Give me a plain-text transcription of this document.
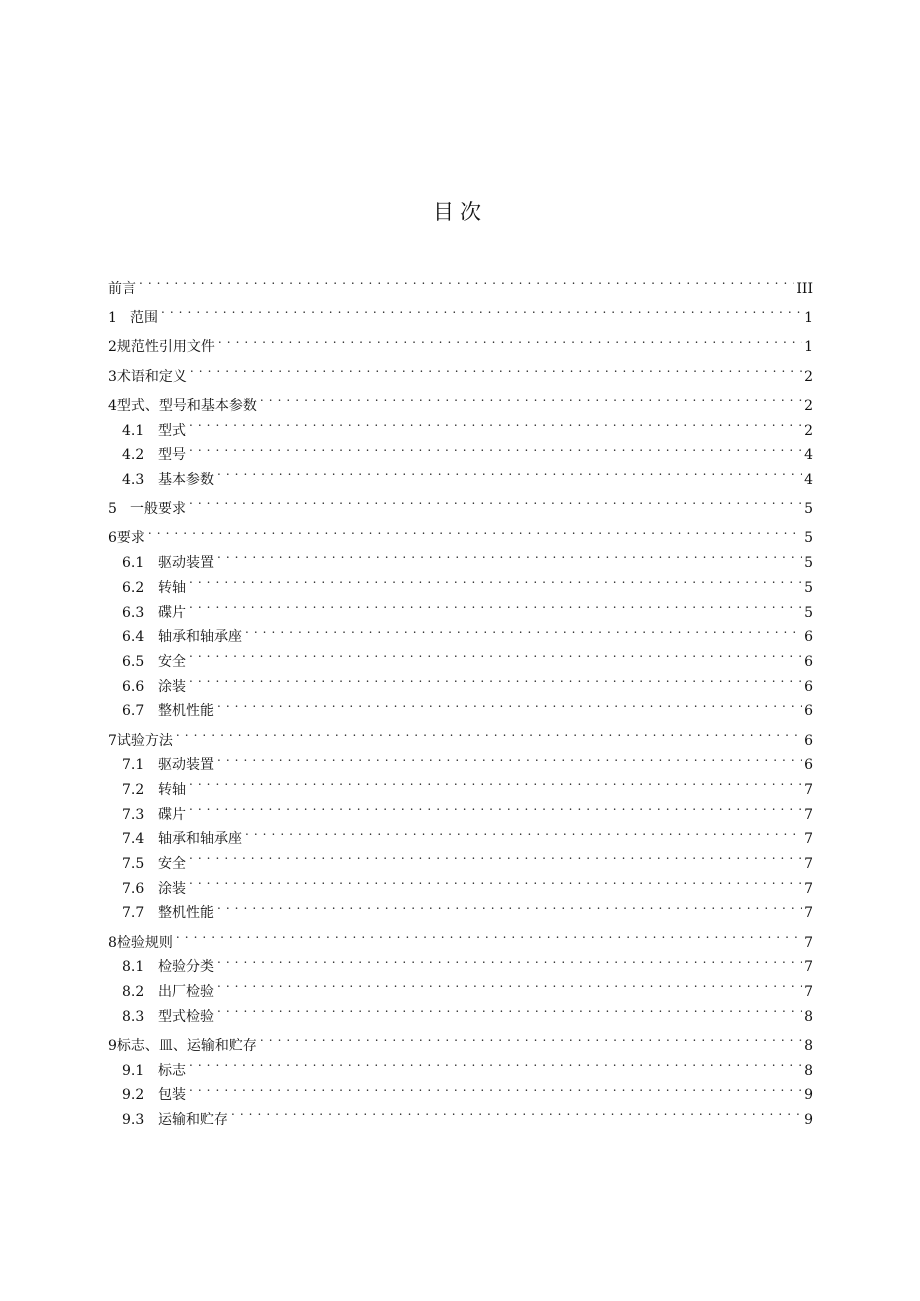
目次
前言 . . .	III
1 范围 . . .	1
2 规范性引用文件 . . .	1
3 术语和定义 . . .	2
4 型式、型号和基本参数 . . .	2
4.1 型式 . . .	2
4.2 型号 . . .	4
4.3 基本参数 . . .	4
5 一般要求 . . .	5
6 要求 . . .	5
6.1 驱动装置 . . .	5
6.2 转轴 . . .	5
6.3 碟片 . . .	5
6.4 轴承和轴承座 . . .	6
6.5 安全 . . .	6
6.6 涂装 . . .	6
6.7 整机性能 . . .	6
7 试验方法 . . .	6
7.1 驱动装置 . . .	6
7.2 转轴 . . .	7
7.3 碟片 . . .	7
7.4 轴承和轴承座 . . .	7
7.5 安全 . . .	7
7.6 涂装 . . .	7
7.7 整机性能 . . .	7
8 检验规则 . . .	7
8.1 检验分类 . . .	7
8.2 出厂检验 . . .	7
8.3 型式检验 . . .	8
9 标志、皿、运输和贮存 . . .	8
9.1 标志 . . .	8
9.2 包装 . . .	9
9.3 运输和贮存 . . .	9
